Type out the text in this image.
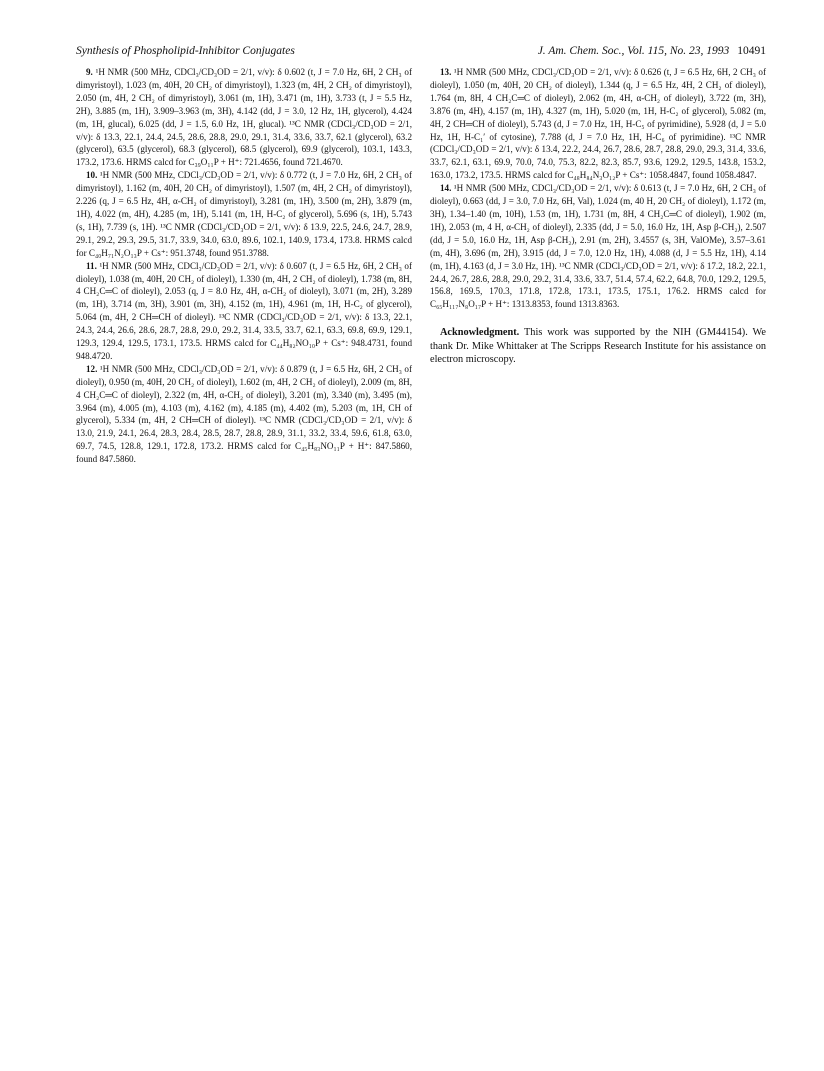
Synthesis of Phospholipid-Inhibitor Conjugates	J. Am. Chem. Soc., Vol. 115, No. 23, 1993 10491

9. ¹H NMR (500 MHz, CDCl₃/CD₃OD = 2/1, v/v): δ 0.602 (t, J = 7.0 Hz, 6H, 2 CH₃ of dimyristoyl), 1.023 (m, 40H, 20 CH₂ of dimyristoyl), 1.323 (m, 4H, 2 CH₂ of dimyristoyl), 2.050 (m, 4H, 2 CH₂ of dimyristoyl), 3.061 (m, 1H), 3.471 (m, 1H), 3.733 (t, J = 5.5 Hz, 2H), 3.885 (m, 1H), 3.909–3.963 (m, 3H), 4.142 (dd, J = 3.0, 12 Hz, 1H, glycerol), 4.424 (m, 1H, glucal), 6.025 (dd, J = 1.5, 6.0 Hz, 1H, glucal). ¹³C NMR (CDCl₃/CD₃OD = 2/1, v/v): δ 13.3, 22.1, 24.4, 24.5, 28.6, 28.8, 29.0, 29.1, 31.4, 33.6, 33.7, 62.1 (glycerol), 63.2 (glycerol), 63.5 (glycerol), 68.3 (glycerol), 68.5 (glycerol), 69.9 (glycerol), 103.1, 143.3, 173.2, 173.6. HRMS calcd for C₃₉O₁₁P + H⁺: 721.4656, found 721.4670.

10. ¹H NMR (500 MHz, CDCl₃/CD₃OD = 2/1, v/v): δ 0.772 (t, J = 7.0 Hz, 6H, 2 CH₃ of dimyristoyl), 1.162 (m, 40H, 20 CH₂ of dimyristoyl), 1.507 (m, 4H, 2 CH₂ of dimyristoyl), 2.226 (q, J = 6.5 Hz, 4H, α-CH₂ of dimyristoyl), 3.281 (m, 1H), 3.500 (m, 2H), 3.879 (m, 1H), 4.022 (m, 4H), 4.285 (m, 1H), 5.141 (m, 1H, H-C₂ of glycerol), 5.696 (s, 1H), 5.743 (s, 1H), 7.739 (s, 1H). ¹³C NMR (CDCl₃/CD₃OD = 2/1, v/v): δ 13.9, 22.5, 24.6, 24.7, 28.9, 29.1, 29.2, 29.3, 29.5, 31.7, 33.9, 34.0, 63.0, 89.6, 102.1, 140.9, 173.4, 173.8. HRMS calcd for C₄₀H₇₁N₂O₁₃P + Cs⁺: 951.3748, found 951.3788.

11. ¹H NMR (500 MHz, CDCl₃/CD₃OD = 2/1, v/v): δ 0.607 (t, J = 6.5 Hz, 6H, 2 CH₃ of dioleyl), 1.038 (m, 40H, 20 CH₂ of dioleyl), 1.330 (m, 4H, 2 CH₂ of dioleyl), 1.738 (m, 8H, 4 CH₂C═C of dioleyl), 2.053 (q, J = 8.0 Hz, 4H, α-CH₂ of dioleyl), 3.071 (m, 2H), 3.289 (m, 1H), 3.714 (m, 3H), 3.901 (m, 3H), 4.152 (m, 1H), 4.961 (m, 1H, H-C₂ of glycerol), 5.064 (m, 4H, 2 CH═CH of dioleyl). ¹³C NMR (CDCl₃/CD₃OD = 2/1, v/v): δ 13.3, 22.1, 24.3, 24.4, 26.6, 28.6, 28.7, 28.8, 29.0, 29.2, 31.4, 33.5, 33.7, 62.1, 63.3, 69.8, 69.9, 129.1, 129.3, 129.4, 129.5, 173.1, 173.5. HRMS calcd for C₄₄H₈₂NO₁₀P + Cs⁺: 948.4731, found 948.4720.

12. ¹H NMR (500 MHz, CDCl₃/CD₃OD = 2/1, v/v): δ 0.879 (t, J = 6.5 Hz, 6H, 2 CH₃ of dioleyl), 0.950 (m, 40H, 20 CH₂ of dioleyl), 1.602 (m, 4H, 2 CH₂ of dioleyl), 2.009 (m, 8H, 4 CH₂C═C of dioleyl), 2.322 (m, 4H, α-CH₂ of dioleyl), 3.201 (m), 3.340 (m), 3.495 (m), 3.964 (m), 4.005 (m), 4.103 (m), 4.162 (m), 4.185 (m), 4.402 (m), 5.203 (m, 1H, CH of glycerol), 5.334 (m, 4H, 2 CH═CH of dioleyl). ¹³C NMR (CDCl₃/CD₃OD = 2/1, v/v): δ 13.0, 21.9, 24.1, 26.4, 28.3, 28.4, 28.5, 28.7, 28.8, 28.9, 31.1, 33.2, 33.4, 59.6, 61.8, 63.0, 69.7, 74.5, 128.8, 129.1, 172.8, 173.2. HRMS calcd for C₄₅H₈₃NO₁₁P + H⁺: 847.5860, found 847.5860.

13. ¹H NMR (500 MHz, CDCl₃/CD₃OD = 2/1, v/v): δ 0.626 (t, J = 6.5 Hz, 6H, 2 CH₃ of dioleyl), 1.050 (m, 40H, 20 CH₂ of dioleyl), 1.344 (q, J = 6.5 Hz, 4H, 2 CH₂ of dioleyl), 1.764 (m, 8H, 4 CH₂C═C of dioleyl), 2.062 (m, 4H, α-CH₂ of dioleyl), 3.722 (m, 3H), 3.876 (m, 4H), 4.157 (m, 1H), 4.327 (m, 1H), 5.020 (m, 1H, H-C₂ of glycerol), 5.082 (m, 4H, 2 CH═CH of dioleyl), 5.743 (d, J = 7.0 Hz, 1H, H-C₅ of pyrimidine), 5.928 (d, J = 5.0 Hz, 1H, H-C₁′ of cytosine), 7.788 (d, J = 7.0 Hz, 1H, H-C₆ of pyrimidine). ¹³C NMR (CDCl₃/CD₃OD = 2/1, v/v): δ 13.4, 22.2, 24.4, 26.7, 28.6, 28.7, 28.8, 29.0, 29.3, 31.4, 33.6, 33.7, 62.1, 63.1, 69.9, 70.0, 74.0, 75.3, 82.2, 82.3, 85.7, 93.6, 129.2, 129.5, 143.8, 153.2, 163.0, 173.2, 173.5. HRMS calcd for C₄₈H₈₄N₃O₁₂P + Cs⁺: 1058.4847, found 1058.4847.

14. ¹H NMR (500 MHz, CDCl₃/CD₃OD = 2/1, v/v): δ 0.613 (t, J = 7.0 Hz, 6H, 2 CH₃ of dioleyl), 0.663 (dd, J = 3.0, 7.0 Hz, 6H, Val), 1.024 (m, 40 H, 20 CH₂ of dioleyl), 1.172 (m, 3H), 1.34–1.40 (m, 10H), 1.53 (m, 1H), 1.731 (m, 8H, 4 CH₂C═C of dioleyl), 1.902 (m, 1H), 2.053 (m, 4 H, α-CH₂ of dioleyl), 2.335 (dd, J = 5.0, 16.0 Hz, 1H, Asp β-CH₂), 2.507 (dd, J = 5.0, 16.0 Hz, 1H, Asp β-CH₂), 2.91 (m, 2H), 3.4557 (s, 3H, ValOMe), 3.57–3.61 (m, 4H), 3.696 (m, 2H), 3.915 (dd, J = 7.0, 12.0 Hz, 1H), 4.088 (d, J = 5.5 Hz, 1H), 4.14 (m, 1H), 4.163 (d, J = 3.0 Hz, 1H). ¹³C NMR (CDCl₃/CD₃OD = 2/1, v/v): δ 17.2, 18.2, 22.1, 24.4, 26.7, 28.6, 28.8, 29.0, 29.2, 31.4, 33.6, 33.7, 51.4, 57.4, 62.2, 64.8, 70.0, 129.2, 129.5, 156.8, 169.5, 170.3, 171.8, 172.8, 173.1, 173.5, 175.1, 176.2. HRMS calcd for C₆₅H₁₁₇N₈O₁₇P + H⁺: 1313.8353, found 1313.8363.

Acknowledgment. This work was supported by the NIH (GM44154). We thank Dr. Mike Whittaker at The Scripps Research Institute for his assistance on electron microscopy.
